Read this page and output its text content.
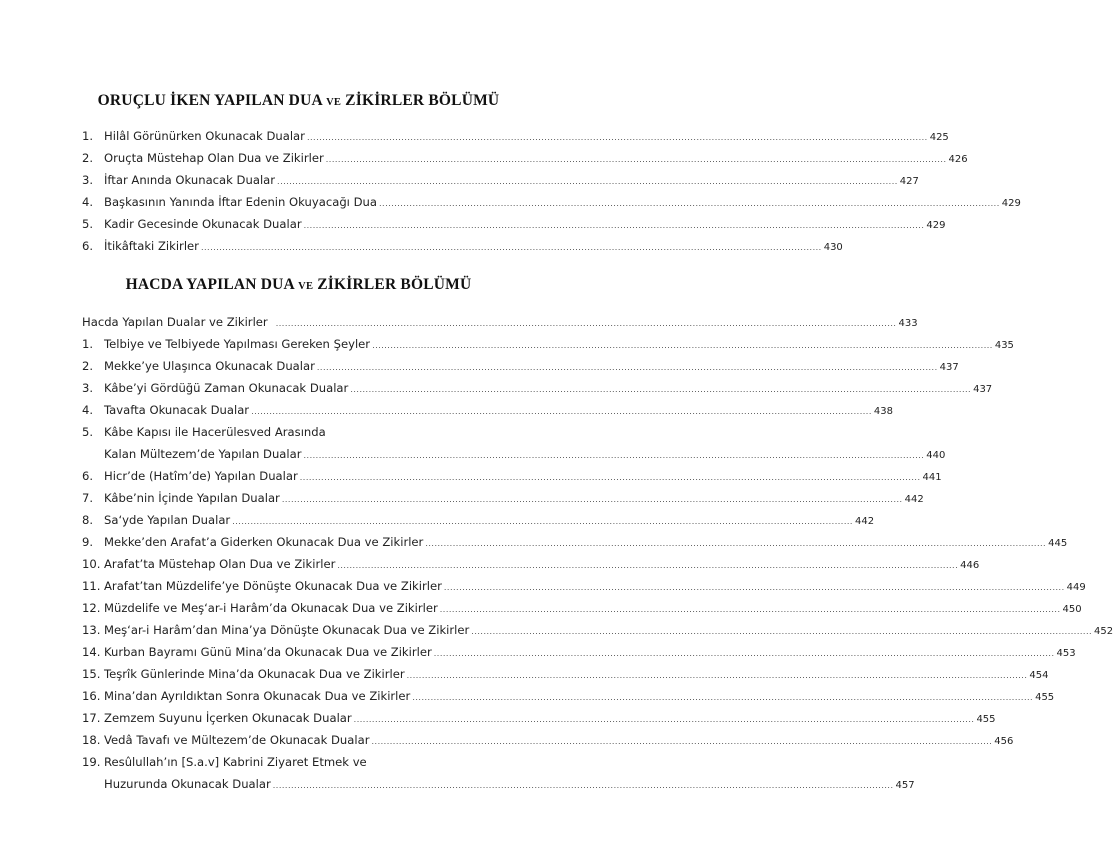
ORUÇLU İKEN YAPILAN DUA VE ZİKİRLER BÖLÜMÜ
1. Hilâl Görünürken Okunacak Dualar .....	425
2. Oruçta Müstehap Olan Dua ve Zikirler .....	426
3. İftar Anında Okunacak Dualar .....	427
4. Başkasının Yanında İftar Edenin Okuyacağı Dua .....	429
5. Kadir Gecesinde Okunacak Dualar .....	429
6. İtikâftaki Zikirler .....	430
HACDA YAPILAN DUA VE ZİKİRLER BÖLÜMÜ
Hacda Yapılan Dualar ve Zikirler .....	433
1. Telbiye ve Telbiyede Yapılması Gereken Şeyler .....	435
2. Mekke’ye Ulaşınca Okunacak Dualar .....	437
3. Kâbe’yi Gördüğü Zaman Okunacak Dualar .....	437
4. Tavafta Okunacak Dualar .....	438
5. Kâbe Kapısı ile Hacerülesved Arasında
Kalan Mültezem’de Yapılan Dualar .....	440
6. Hicr’de (Hatîm’de) Yapılan Dualar .....	441
7. Kâbe’nin İçinde Yapılan Dualar .....	442
8. Sa‘yde Yapılan Dualar .....	442
9. Mekke’den Arafat’a Giderken Okunacak Dua ve Zikirler .....	445
10. Arafat’ta Müstehap Olan Dua ve Zikirler .....	446
11. Arafat’tan Müzdelife’ye Dönüşte Okunacak Dua ve Zikirler .....	449
12. Müzdelife ve Meş‘ar-i Harâm’da Okunacak Dua ve Zikirler .....	450
13. Meş‘ar-i Harâm’dan Mina’ya Dönüşte Okunacak Dua ve Zikirler .....	452
14. Kurban Bayramı Günü Mina’da Okunacak Dua ve Zikirler .....	453
15. Teşrîk Günlerinde Mina’da Okunacak Dua ve Zikirler .....	454
16. Mina’dan Ayrıldıktan Sonra Okunacak Dua ve Zikirler .....	455
17. Zemzem Suyunu İçerken Okunacak Dualar .....	455
18. Vedâ Tavafı ve Mültezem’de Okunacak Dualar .....	456
19. Resûlullah’ın [S.a.v] Kabrini Ziyaret Etmek ve
Huzurunda Okunacak Dualar .....	457
